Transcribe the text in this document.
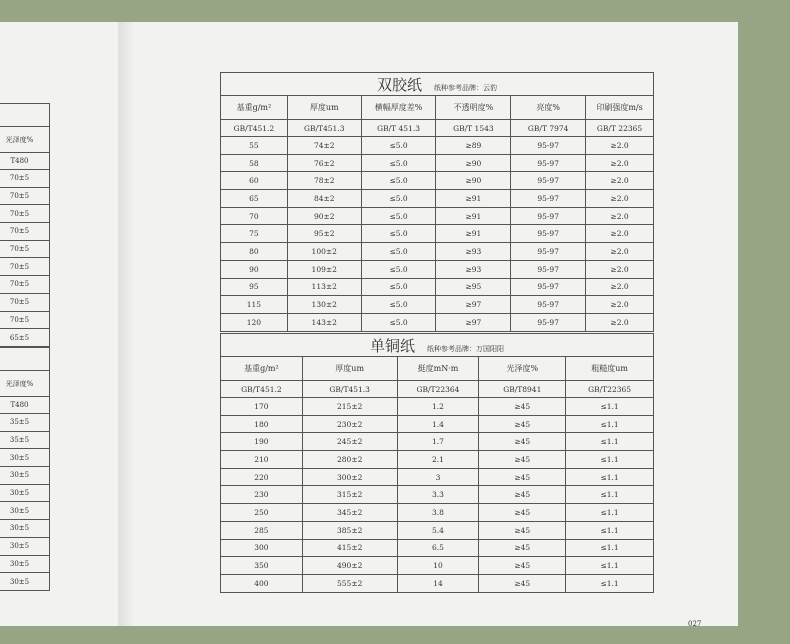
光泽度%
T480
70±5
70±5
70±5
70±5
70±5
70±5
70±5
70±5
70±5
65±5

光泽度%
T480
35±5
35±5
30±5
30±5
30±5
30±5
30±5
30±5
30±5
30±5
双胶纸 纸种参考品牌：云豹					
基重g/m²	厚度um	横幅厚度差%	不透明度%	亮度%	印刷强度m/s
GB/T451.2	GB/T451.3	GB/T 451.3	GB/T 1543	GB/T 7974	GB/T 22365
55	74±2	≤5.0	≥89	95-97	≥2.0
58	76±2	≤5.0	≥90	95-97	≥2.0
60	78±2	≤5.0	≥90	95-97	≥2.0
65	84±2	≤5.0	≥91	95-97	≥2.0
70	90±2	≤5.0	≥91	95-97	≥2.0
75	95±2	≤5.0	≥91	95-97	≥2.0
80	100±2	≤5.0	≥93	95-97	≥2.0
90	109±2	≤5.0	≥93	95-97	≥2.0
95	113±2	≤5.0	≥95	95-97	≥2.0
115	130±2	≤5.0	≥97	95-97	≥2.0
120	143±2	≤5.0	≥97	95-97	≥2.0
单铜纸 纸种参考品牌：万国阳阳				
基重g/m²	厚度um	挺度mN·m	光泽度%	粗糙度um
GB/T451.2	GB/T451.3	GB/T22364	GB/T8941	GB/T22365
170	215±2	1.2	≥45	≤1.1
180	230±2	1.4	≥45	≤1.1
190	245±2	1.7	≥45	≤1.1
210	280±2	2.1	≥45	≤1.1
220	300±2	3	≥45	≤1.1
230	315±2	3.3	≥45	≤1.1
250	345±2	3.8	≥45	≤1.1
285	385±2	5.4	≥45	≤1.1
300	415±2	6.5	≥45	≤1.1
350	490±2	10	≥45	≤1.1
400	555±2	14	≥45	≤1.1
027
